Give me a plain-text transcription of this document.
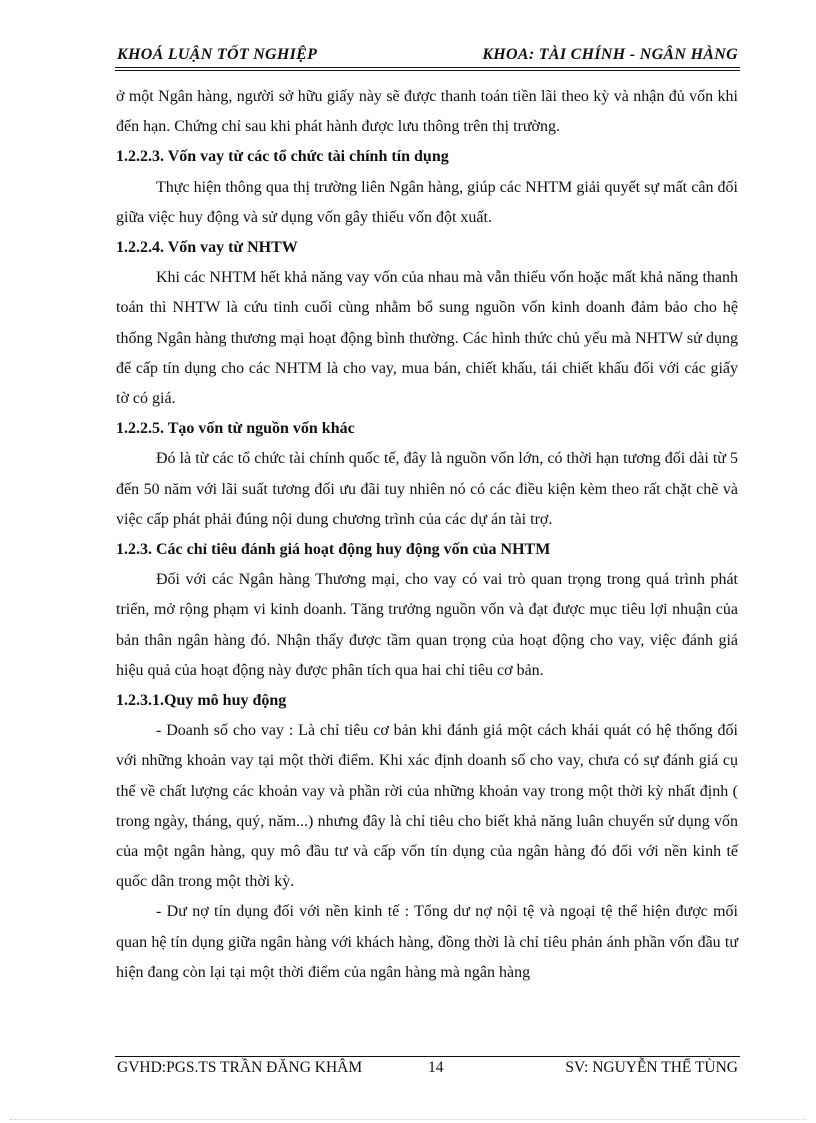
KHOÁ LUẬN TỐT NGHIỆP	KHOA: TÀI CHÍNH - NGÂN HÀNG

ở một Ngân hàng, người sở hữu giấy này sẽ được thanh toán tiền lãi theo kỳ và nhận đủ vốn khi đến hạn. Chứng chỉ sau khi phát hành được lưu thông trên thị trường.

1.2.2.3. Vốn vay từ các tổ chức tài chính tín dụng

Thực hiện thông qua thị trường liên Ngân hàng, giúp các NHTM giải quyết sự mất cân đối giữa việc huy động và sử dụng vốn gây thiếu vốn đột xuất.

1.2.2.4. Vốn vay từ NHTW

Khi các NHTM hết khả năng vay vốn của nhau mà vẫn thiếu vốn hoặc mất khả năng thanh toán thì NHTW là cứu tinh cuối cùng nhằm bổ sung nguồn vốn kinh doanh đảm bảo cho hệ thống Ngân hàng thương mại hoạt động bình thường. Các hình thức chủ yếu mà NHTW sử dụng để cấp tín dụng cho các NHTM là cho vay, mua bán, chiết khấu, tái chiết khấu đối với các giấy tờ có giá.

1.2.2.5. Tạo vốn từ nguồn vốn khác

Đó là từ các tổ chức tài chính quốc tế, đây là nguồn vốn lớn, có thời hạn tương đối dài từ 5 đến 50 năm với lãi suất tương đối ưu đãi tuy nhiên nó có các điều kiện kèm theo rất chặt chẽ và việc cấp phát phải đúng nội dung chương trình của các dự án tài trợ.

1.2.3. Các chỉ tiêu đánh giá hoạt động huy động vốn của NHTM

Đối với các Ngân hàng Thương mại, cho vay có vai trò quan trọng trong quá trình phát triển, mở rộng phạm vi kinh doanh. Tăng trưởng nguồn vốn và đạt được mục tiêu lợi nhuận của bản thân ngân hàng đó. Nhận thấy được tầm quan trọng của hoạt động cho vay, việc đánh giá hiệu quả của hoạt động này được phân tích qua hai chỉ tiêu cơ bản.

1.2.3.1.Quy mô huy động

- Doanh số cho vay : Là chỉ tiêu cơ bản khi đánh giá một cách khái quát có hệ thống đối với những khoản vay tại một thời điểm. Khi xác định doanh số cho vay, chưa có sự đánh giá cụ thể về chất lượng các khoản vay và phần rời của những khoản vay trong một thời kỳ nhất định ( trong ngày, tháng, quý, năm...) nhưng đây là chỉ tiêu cho biết khả năng luân chuyển sử dụng vốn của một ngân hàng, quy mô đầu tư và cấp vốn tín dụng của ngân hàng đó đối với nền kinh tế quốc dân trong một thời kỳ.

- Dư nợ tín dụng đối với nền kinh tế : Tổng dư nợ nội tệ và ngoại tệ thể hiện được mối quan hệ tín dụng giữa ngân hàng với khách hàng, đồng thời là chỉ tiêu phản ánh phần vốn đầu tư hiện đang còn lại tại một thời điểm của ngân hàng mà ngân hàng

GVHD:PGS.TS TRẦN ĐĂNG KHÂM	14	SV: NGUYỄN THẾ TÙNG
